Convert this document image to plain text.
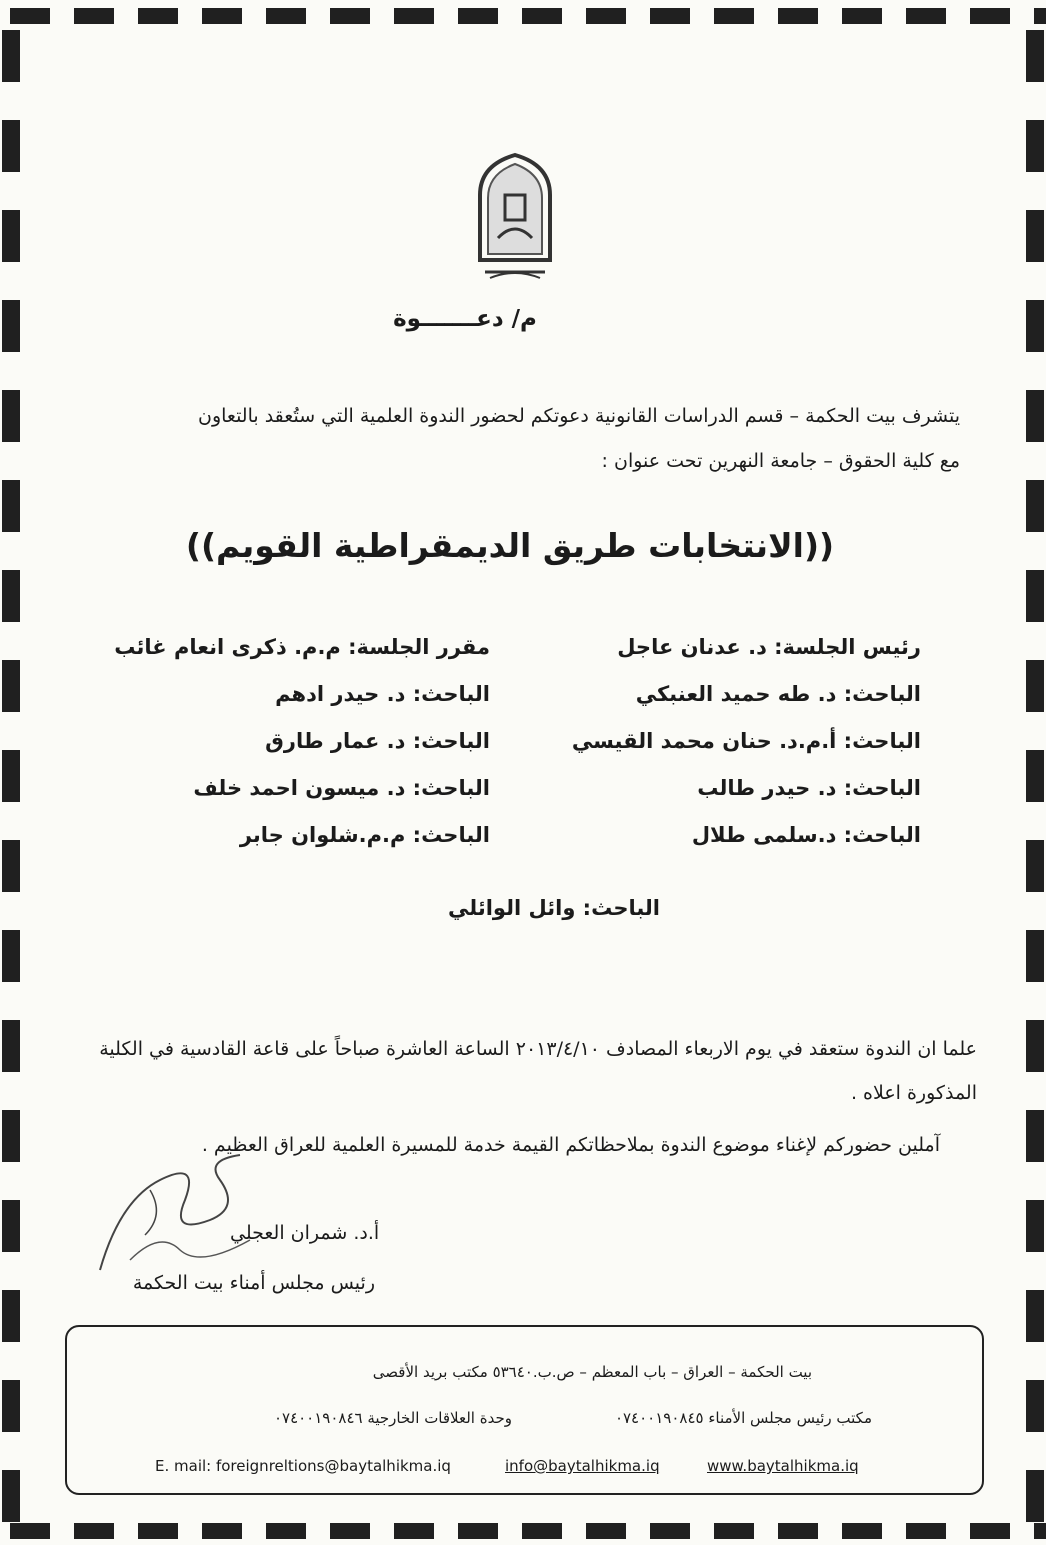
م/ دعـــــــوة
يتشرف بيت الحكمة – قسم الدراسات القانونية دعوتكم لحضور الندوة العلمية التي ستُعقد بالتعاون
مع كلية الحقوق – جامعة النهرين تحت عنوان :
((الانتخابات طريق الديمقراطية القويم))
رئيس الجلسة: د. عدنان عاجل
الباحث: د. طه حميد العنبكي
الباحث: أ.م.د. حنان محمد القيسي
الباحث: د. حيدر طالب
الباحث: د.سلمى طلال
مقرر الجلسة: م.م. ذكرى انعام غائب
الباحث: د. حيدر ادهم
الباحث: د. عمار طارق
الباحث: د. ميسون احمد خلف
الباحث: م.م.شلوان جابر
الباحث: وائل الوائلي
علما ان الندوة ستعقد في يوم الاربعاء المصادف ٢٠١٣/٤/١٠ الساعة العاشرة صباحاً على قاعة القادسية في الكلية
المذكورة اعلاه .
آملين حضوركم لإغناء موضوع الندوة بملاحظاتكم القيمة خدمة للمسيرة العلمية للعراق العظيم .
أ.د. شمران العجلي
رئيس مجلس أمناء بيت الحكمة
بيت الحكمة – العراق – باب المعظم – ص.ب.٥٣٦٤٠ مكتب بريد الأقصى
مكتب رئيس مجلس الأمناء ٠٧٤٠٠١٩٠٨٤٥
وحدة العلاقات الخارجية ٠٧٤٠٠١٩٠٨٤٦
E. mail: foreignreltions@baytalhikma.iq	info@baytalhikma.iq	www.baytalhikma.iq
